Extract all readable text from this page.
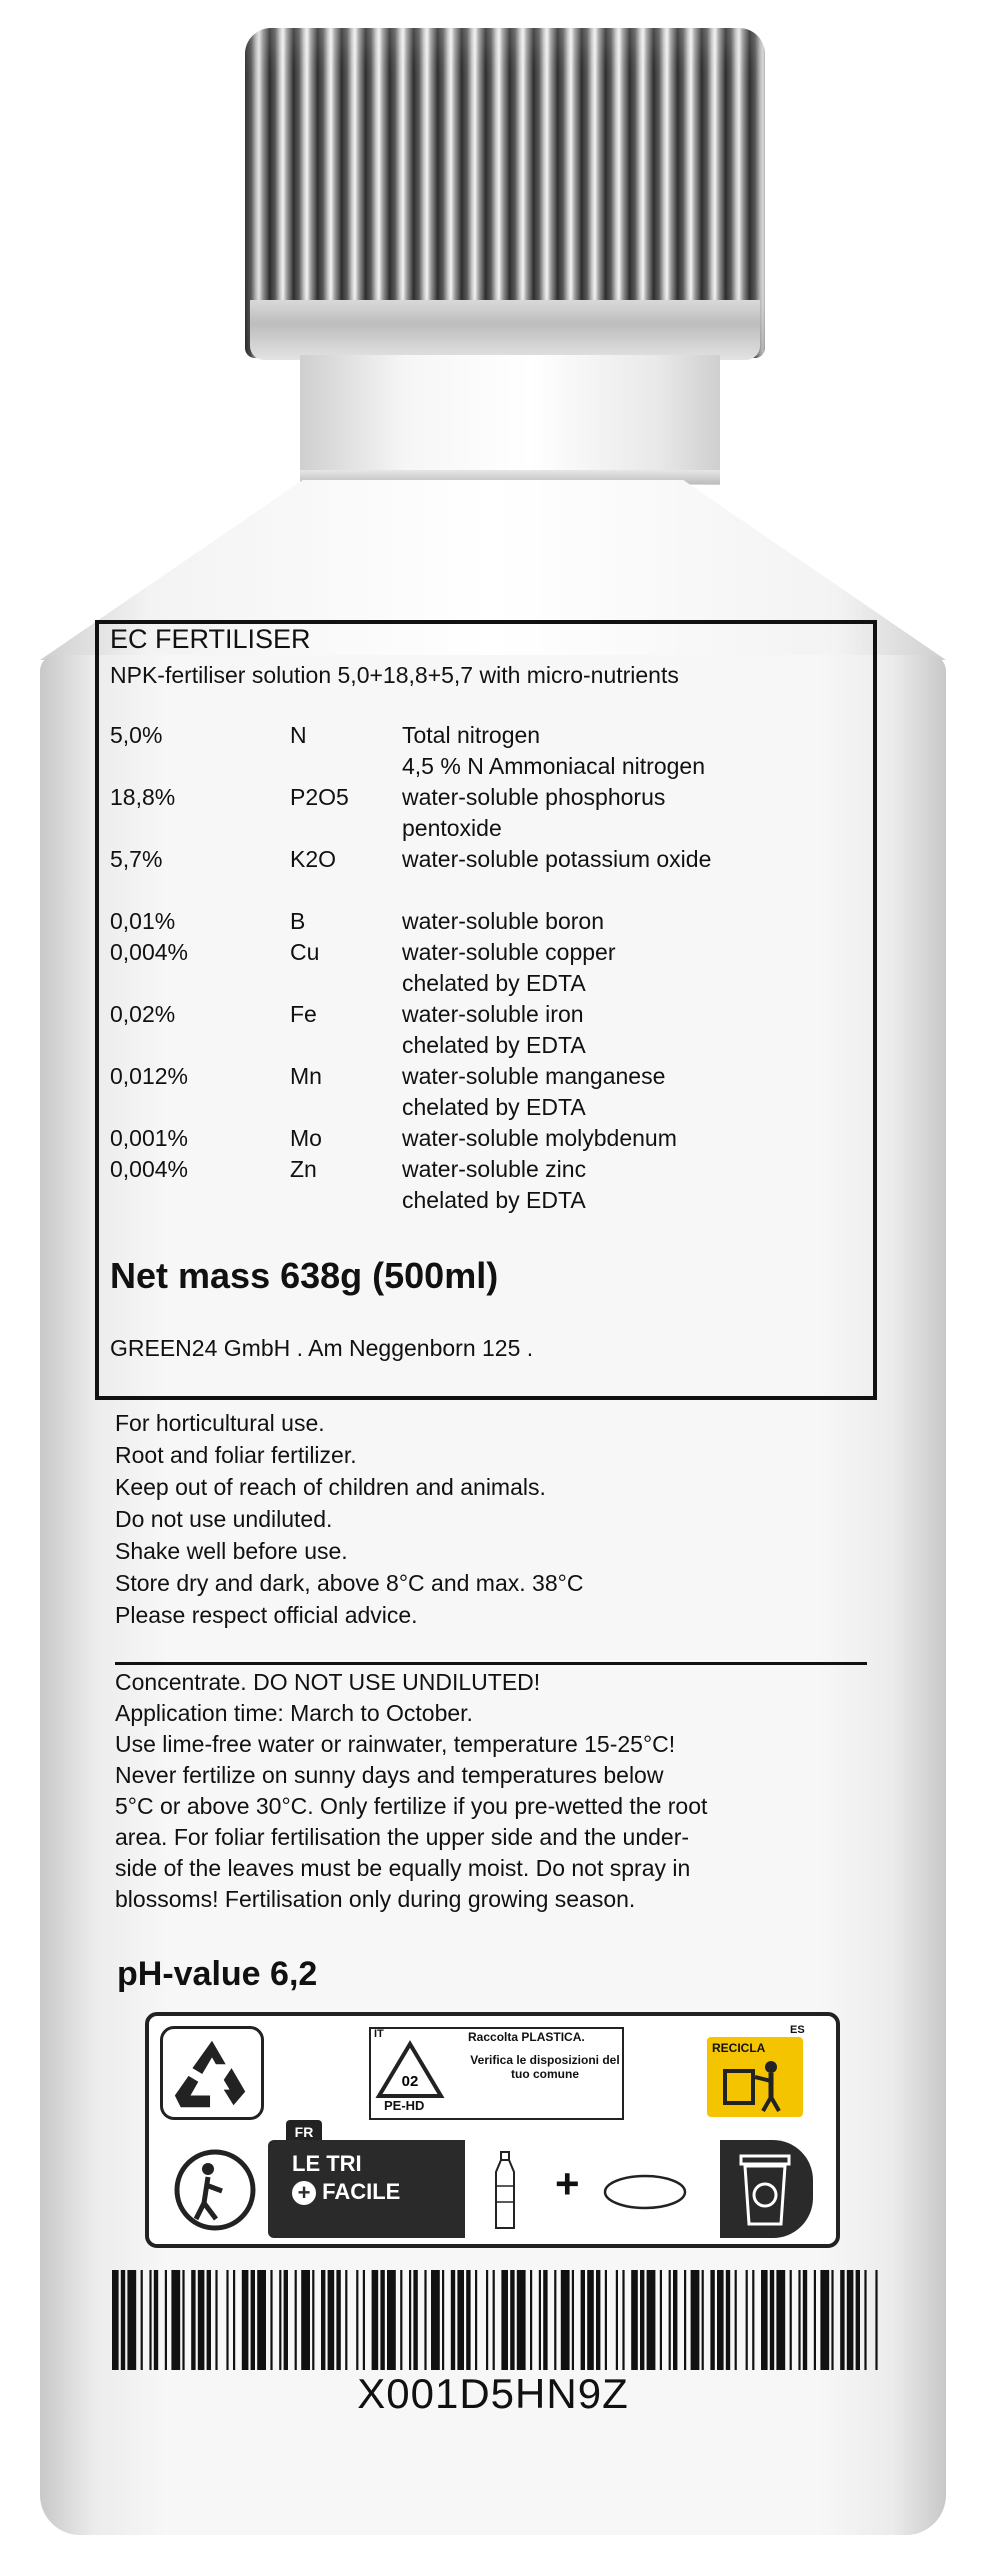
EC FERTILISER
NPK-fertiliser solution 5,0+18,8+5,7 with micro-nutrients
5,0%	N	Total nitrogen
4,5 % N Ammoniacal nitrogen
18,8%	P2O5 water-soluble phosphorus
pentoxide
5,7%	K2O	water-soluble potassium oxide
0,01%	B	water-soluble boron
0,004%	Cu	water-soluble copper
chelated by EDTA
0,02%	Fe	water-soluble iron
chelated by EDTA
0,012%	Mn	water-soluble manganese
chelated by EDTA
0,001%	Mo	water-soluble molybdenum
0,004%	Zn	water-soluble zinc
chelated by EDTA
Net mass 638g (500ml)
GREEN24 GmbH . Am Neggenborn 125 .
For horticultural use.
Root and foliar fertilizer.
Keep out of reach of children and animals.
Do not use undiluted.
Shake well before use.
Store dry and dark, above 8°C and max. 38°C
Please respect official advice.
Concentrate. DO NOT USE UNDILUTED!
Application time: March to October.
Use lime-free water or rainwater, temperature 15-25°C!
Never fertilize on sunny days and temperatures below
5°C or above 30°C. Only fertilize if you pre-wetted the root
area. For foliar fertilisation the upper side and the under-
side of the leaves must be equally moist. Do not spray in
blossoms! Fertilisation only during growing season.
pH-value 6,2
IT	Raccolta PLASTICA.
02
PE-HD
Verifica le disposizioni del tuo comune
ES
RECICLA
FR
LE TRI
+ FACILE	+
X001D5HN9Z
